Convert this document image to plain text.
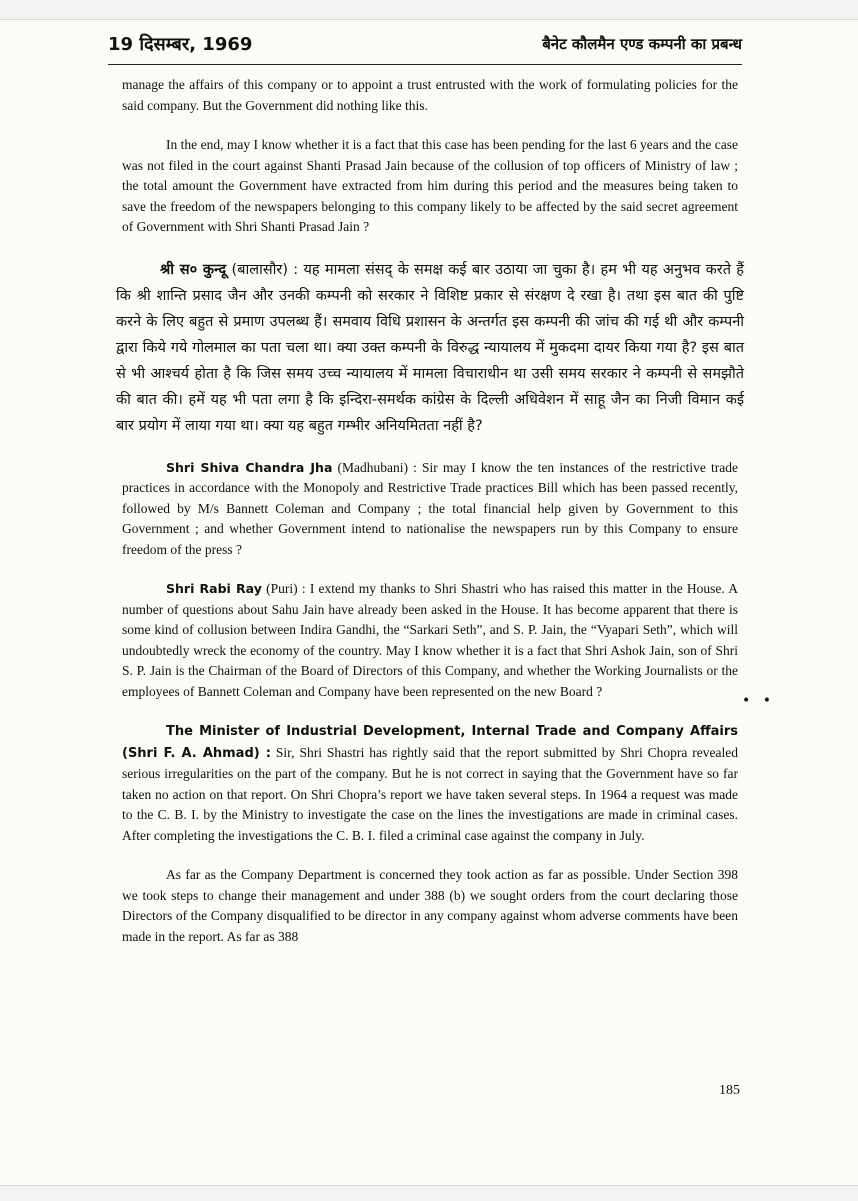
19 दिसम्बर, 1969	बैनेट कौलमैन एण्ड कम्पनी का प्रबन्ध

manage the affairs of this company or to appoint a trust entrusted with the work of formulating policies for the said company. But the Government did nothing like this.

In the end, may I know whether it is a fact that this case has been pending for the last 6 years and the case was not filed in the court against Shanti Prasad Jain because of the collusion of top officers of Ministry of law ; the total amount the Government have extracted from him during this period and the measures being taken to save the freedom of the newspapers belonging to this company likely to be affected by the said secret agreement of Government with Shri Shanti Prasad Jain ?

श्री स० कुन्दू (बालासौर) : यह मामला संसद् के समक्ष कई बार उठाया जा चुका है। हम भी यह अनुभव करते हैं कि श्री शान्ति प्रसाद जैन और उनकी कम्पनी को सरकार ने विशिष्ट प्रकार से संरक्षण दे रखा है। तथा इस बात की पुष्टि करने के लिए बहुत से प्रमाण उपलब्ध हैं। समवाय विधि प्रशासन के अन्तर्गत इस कम्पनी की जांच की गई थी और कम्पनी द्वारा किये गये गोलमाल का पता चला था। क्या उक्त कम्पनी के विरुद्ध न्यायालय में मुकदमा दायर किया गया है? इस बात से भी आश्चर्य होता है कि जिस समय उच्च न्यायालय में मामला विचाराधीन था उसी समय सरकार ने कम्पनी से समझौते की बात की। हमें यह भी पता लगा है कि इन्दिरा-समर्थक कांग्रेस के दिल्ली अधिवेशन में साहू जैन का निजी विमान कई बार प्रयोग में लाया गया था। क्या यह बहुत गम्भीर अनियमितता नहीं है?

Shri Shiva Chandra Jha (Madhubani) : Sir may I know the ten instances of the restrictive trade practices in accordance with the Monopoly and Restrictive Trade practices Bill which has been passed recently, followed by M/s Bannett Coleman and Company ; the total financial help given by Government to this Government ; and whether Government intend to nationalise the newspapers run by this Company to ensure freedom of the press ?

Shri Rabi Ray (Puri) : I extend my thanks to Shri Shastri who has raised this matter in the House. A number of questions about Sahu Jain have already been asked in the House. It has become apparent that there is some kind of collusion between Indira Gandhi, the “Sarkari Seth”, and S. P. Jain, the “Vyapari Seth”, which will undoubtedly wreck the economy of the country. May I know whether it is a fact that Shri Ashok Jain, son of Shri S. P. Jain is the Chairman of the Board of Directors of this Company, and whether the Working Journalists or the employees of Bannett Coleman and Company have been represented on the new Board ?

The Minister of Industrial Development, Internal Trade and Company Affairs (Shri F. A. Ahmad) : Sir, Shri Shastri has rightly said that the report submitted by Shri Chopra revealed serious irregularities on the part of the company. But he is not correct in saying that the Government have so far taken no action on that report. On Shri Chopra’s report we have taken several steps. In 1964 a request was made to the C. B. I. by the Ministry to investigate the case on the lines the investigations are made in criminal cases. After completing the investigations the C. B. I. filed a criminal case against the company in July.

As far as the Company Department is concerned they took action as far as possible. Under Section 398 we took steps to change their management and under 388 (b) we sought orders from the court declaring those Directors of the Company disqualified to be director in any company against whom adverse comments have been made in the report. As far as 388

• •
185
